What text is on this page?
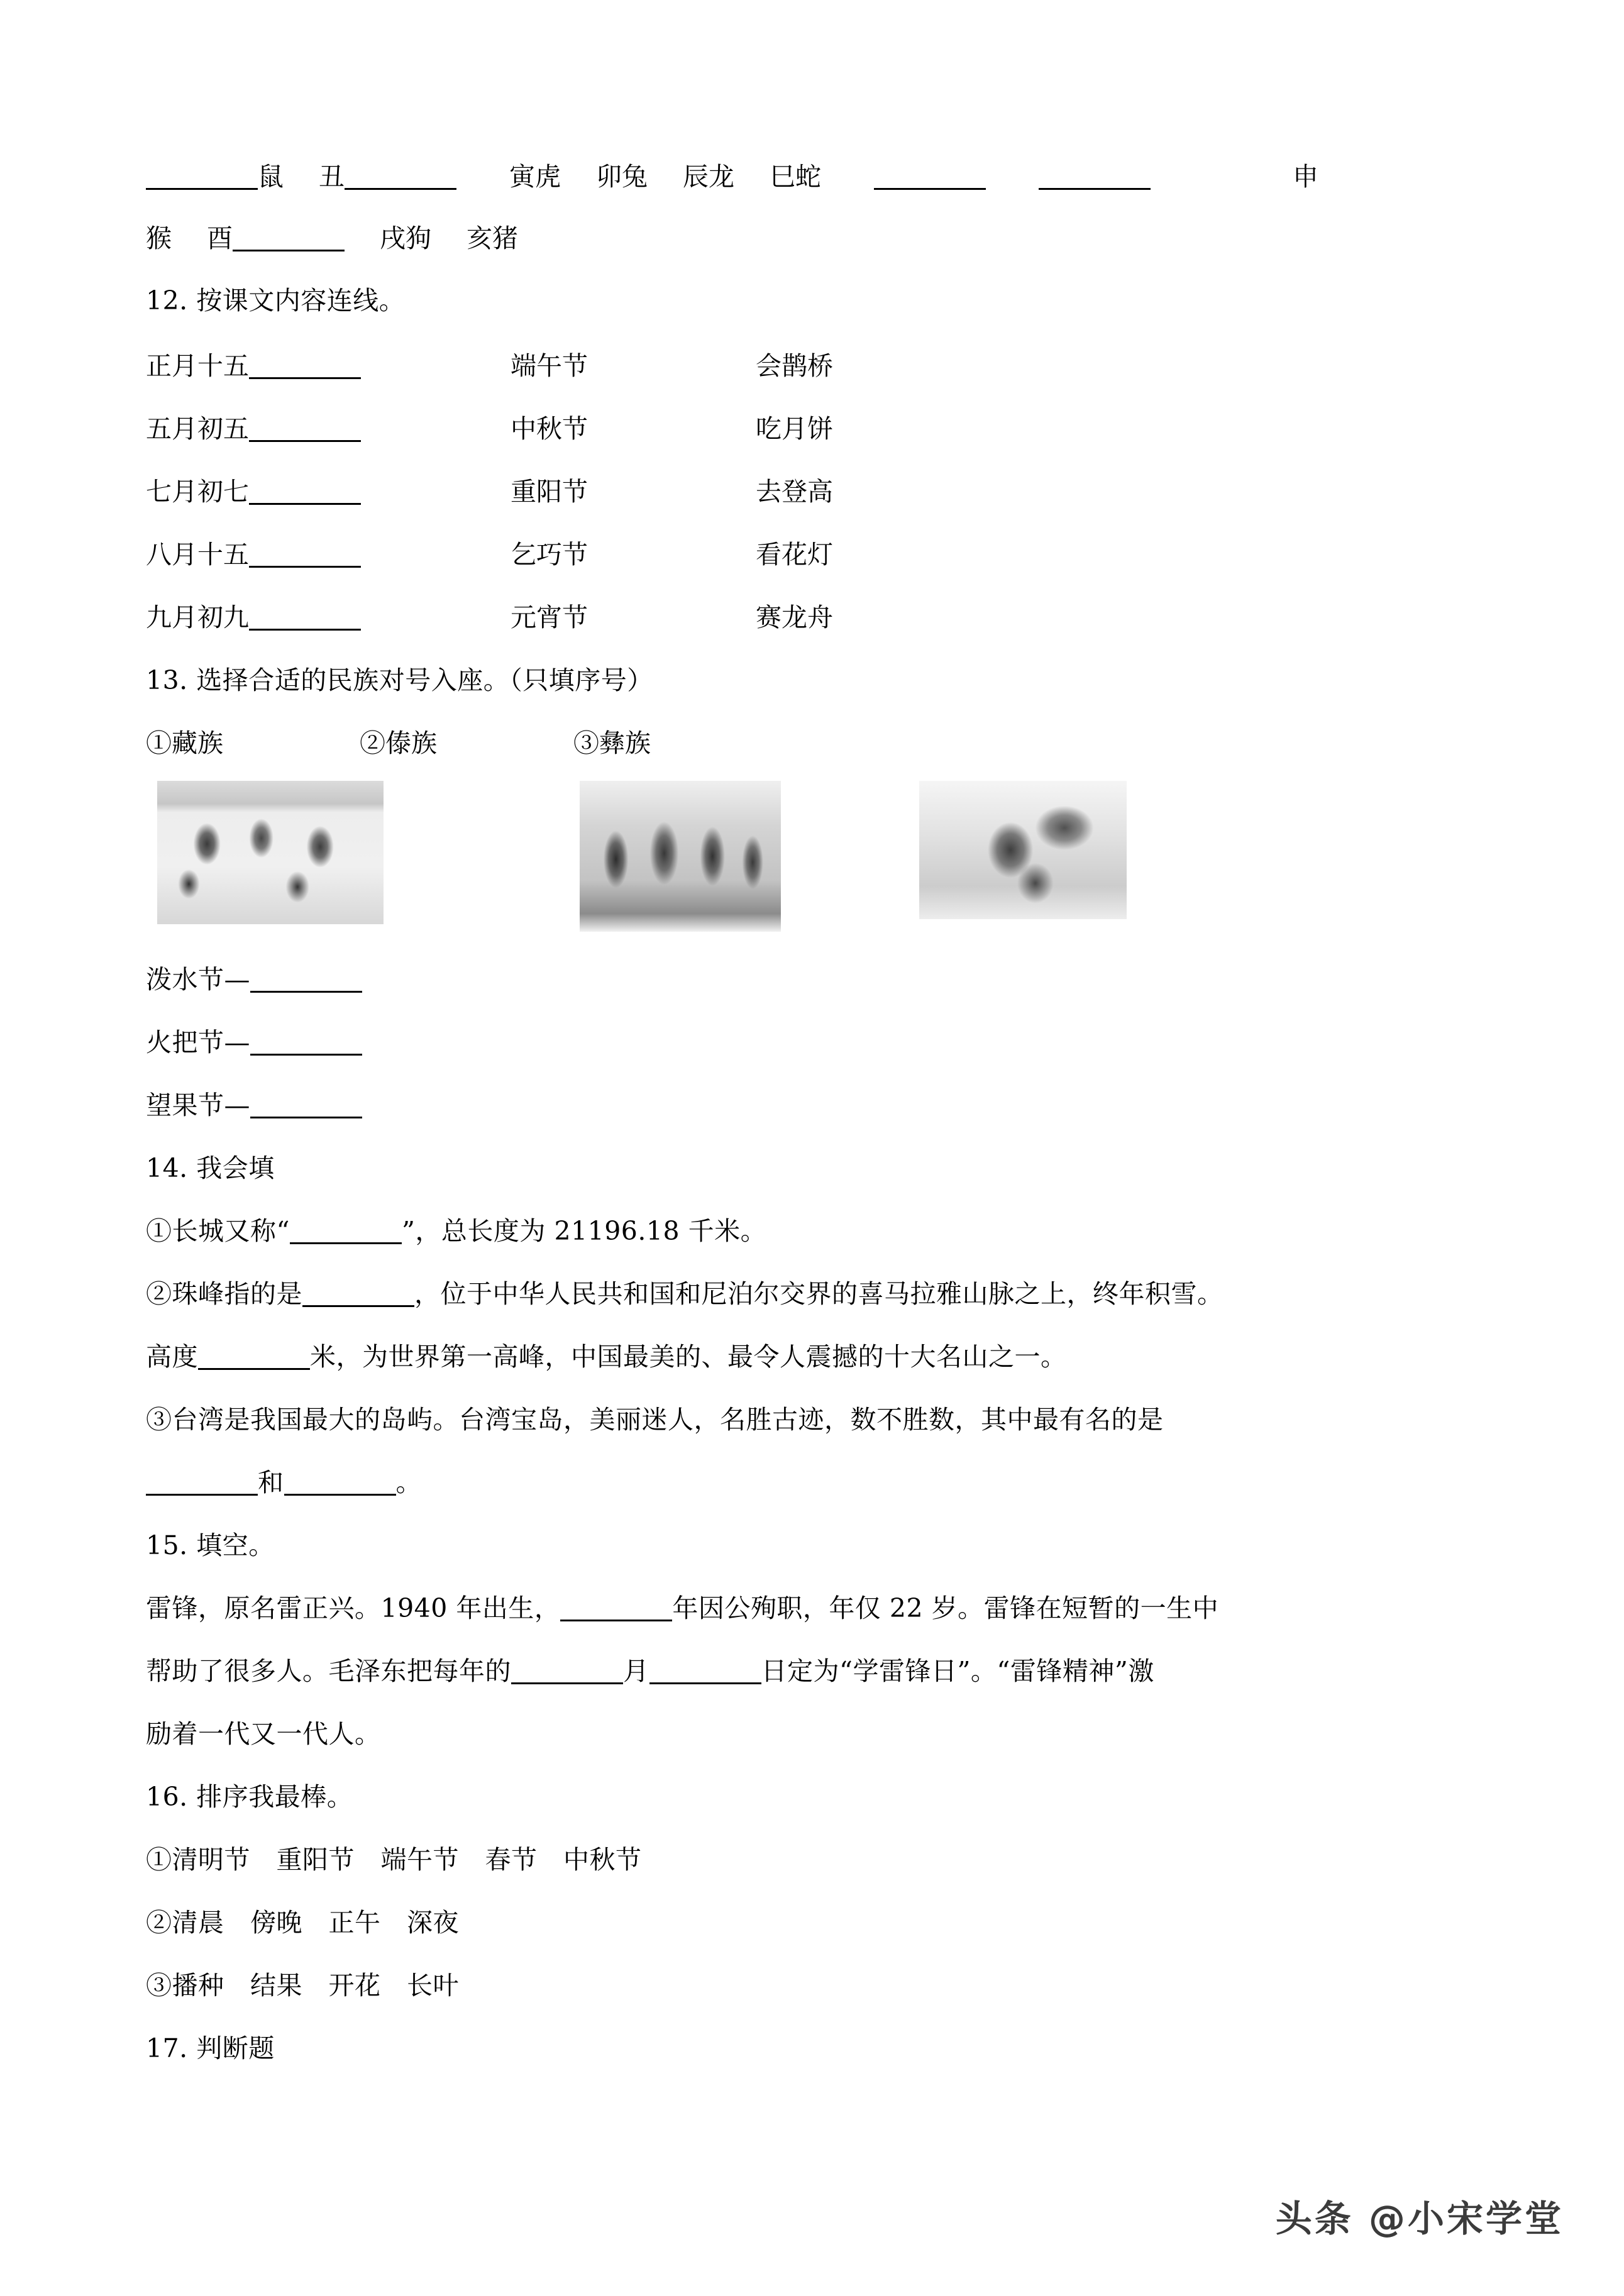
鼠 丑	寅虎 卯兔 辰龙 巳蛇	申
猴 酉	戌狗 亥猪
12. 按课文内容连线。
正月十五	端午节	会鹊桥
五月初五	中秋节	吃月饼
七月初七	重阳节	去登高
八月十五	乞巧节	看花灯
九月初九	元宵节	赛龙舟
13. 选择合适的民族对号入座。（只填序号）
①藏族	②傣族	③彝族
泼水节—
火把节—
望果节—
14. 我会填
①长城又称“	”，总长度为 21196.18 千米。
②珠峰指的是	，位于中华人民共和国和尼泊尔交界的喜马拉雅山脉之上，终年积雪。
高度	米，为世界第一高峰，中国最美的、最令人震撼的十大名山之一。
③台湾是我国最大的岛屿。台湾宝岛，美丽迷人，名胜古迹，数不胜数，其中最有名的是
和	。
15. 填空。
雷锋，原名雷正兴。1940 年出生，	年因公殉职，年仅 22 岁。雷锋在短暂的一生中
帮助了很多人。毛泽东把每年的	月	日定为“学雷锋日”。“雷锋精神”激
励着一代又一代人。
16. 排序我最棒。
①清明节　重阳节　端午节　春节　中秋节
②清晨　傍晚　正午　深夜
③播种　结果　开花　长叶
17. 判断题
头条 @小宋学堂
